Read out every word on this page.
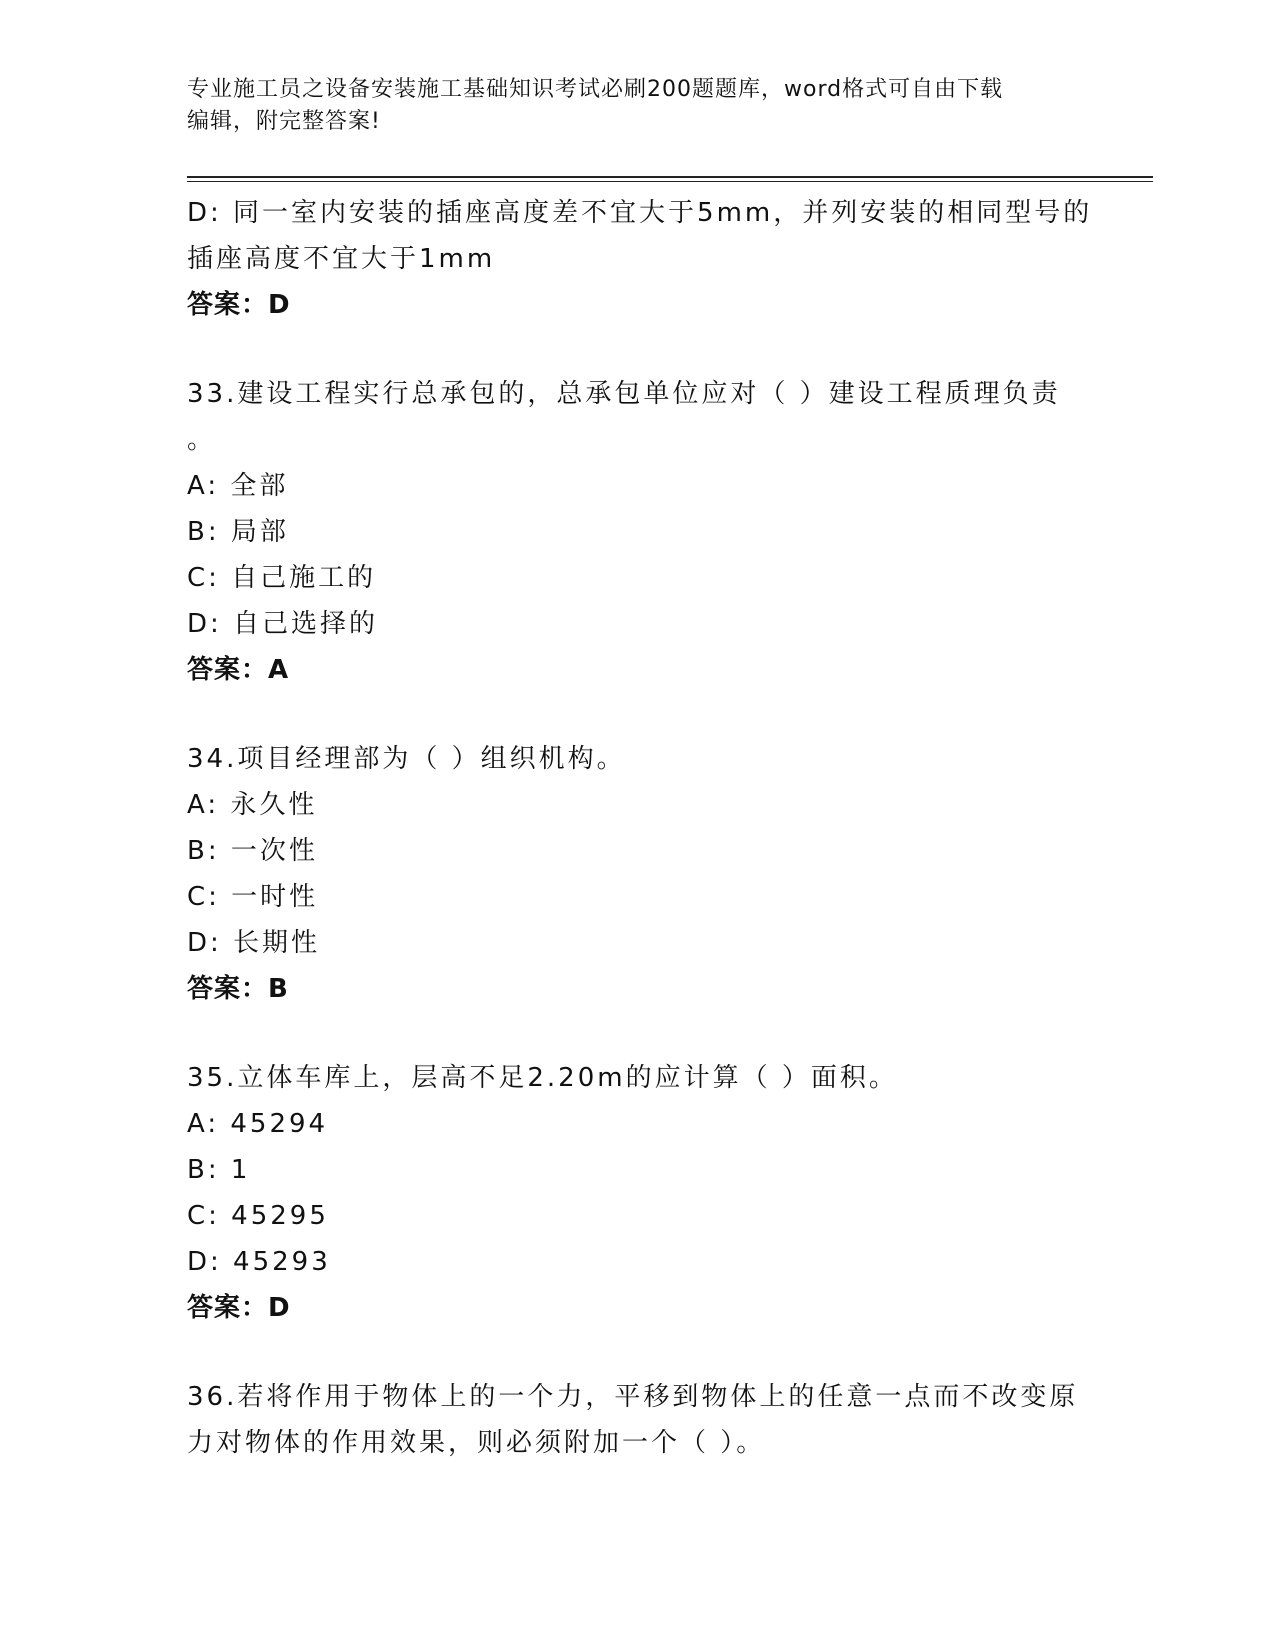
专业施工员之设备安装施工基础知识考试必刷200题题库，word格式可自由下载
编辑，附完整答案!
D: 同一室内安装的插座高度差不宜大于5mm，并列安装的相同型号的
插座高度不宜大于1mm
答案：D
33.建设工程实行总承包的，总承包单位应对（ ）建设工程质理负责
。
A: 全部
B: 局部
C: 自己施工的
D: 自己选择的
答案：A
34.项目经理部为（ ）组织机构。
A: 永久性
B: 一次性
C: 一时性
D: 长期性
答案：B
35.立体车库上，层高不足2.20m的应计算（ ）面积。
A: 45294
B: 1
C: 45295
D: 45293
答案：D
36.若将作用于物体上的一个力，平移到物体上的任意一点而不改变原
力对物体的作用效果，则必须附加一个（ ）。
